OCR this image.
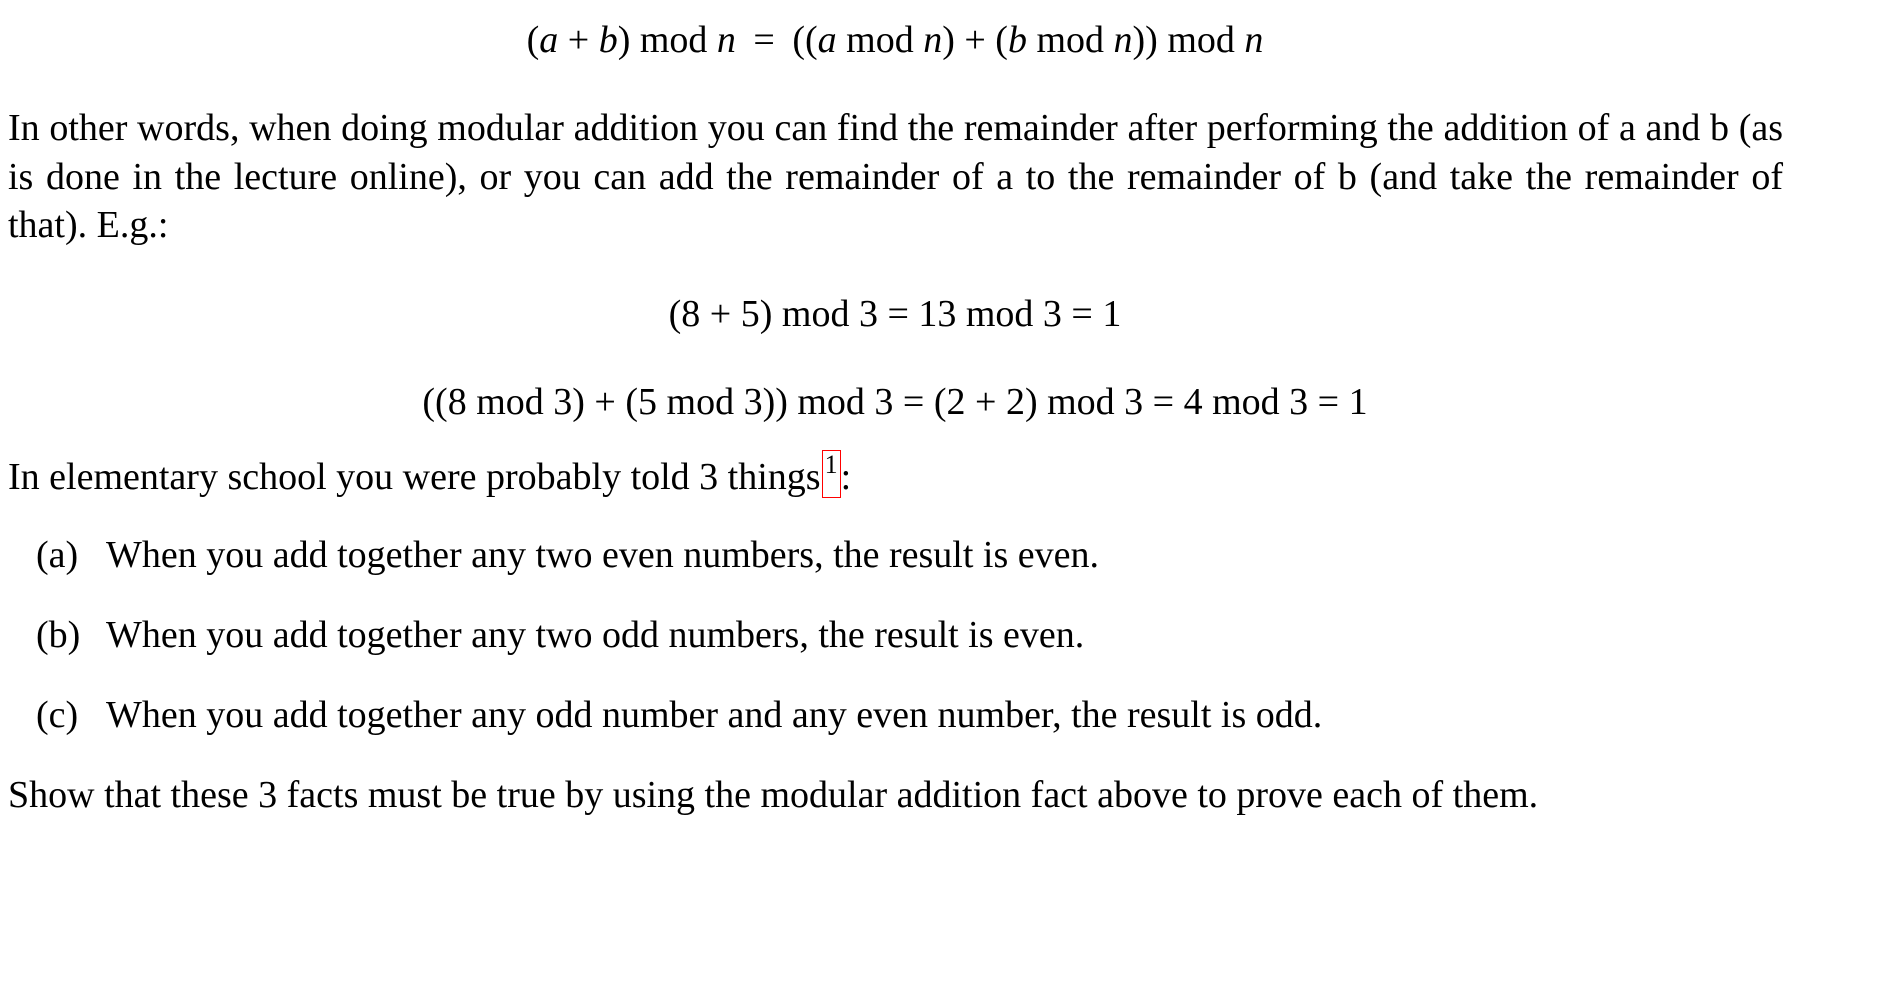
(a + b) mod n = ((a mod n) + (b mod n)) mod n
In other words, when doing modular addition you can find the remainder after performing the addition of a and b (as is done in the lecture online), or you can add the remainder of a to the remainder of b (and take the remainder of that). E.g.:
(8 + 5) mod 3 = 13 mod 3 = 1
((8 mod 3) + (5 mod 3)) mod 3 = (2 + 2) mod 3 = 4 mod 3 = 1
In elementary school you were probably told 3 things 1:
(a) When you add together any two even numbers, the result is even.
(b) When you add together any two odd numbers, the result is even.
(c) When you add together any odd number and any even number, the result is odd.
Show that these 3 facts must be true by using the modular addition fact above to prove each of them.
